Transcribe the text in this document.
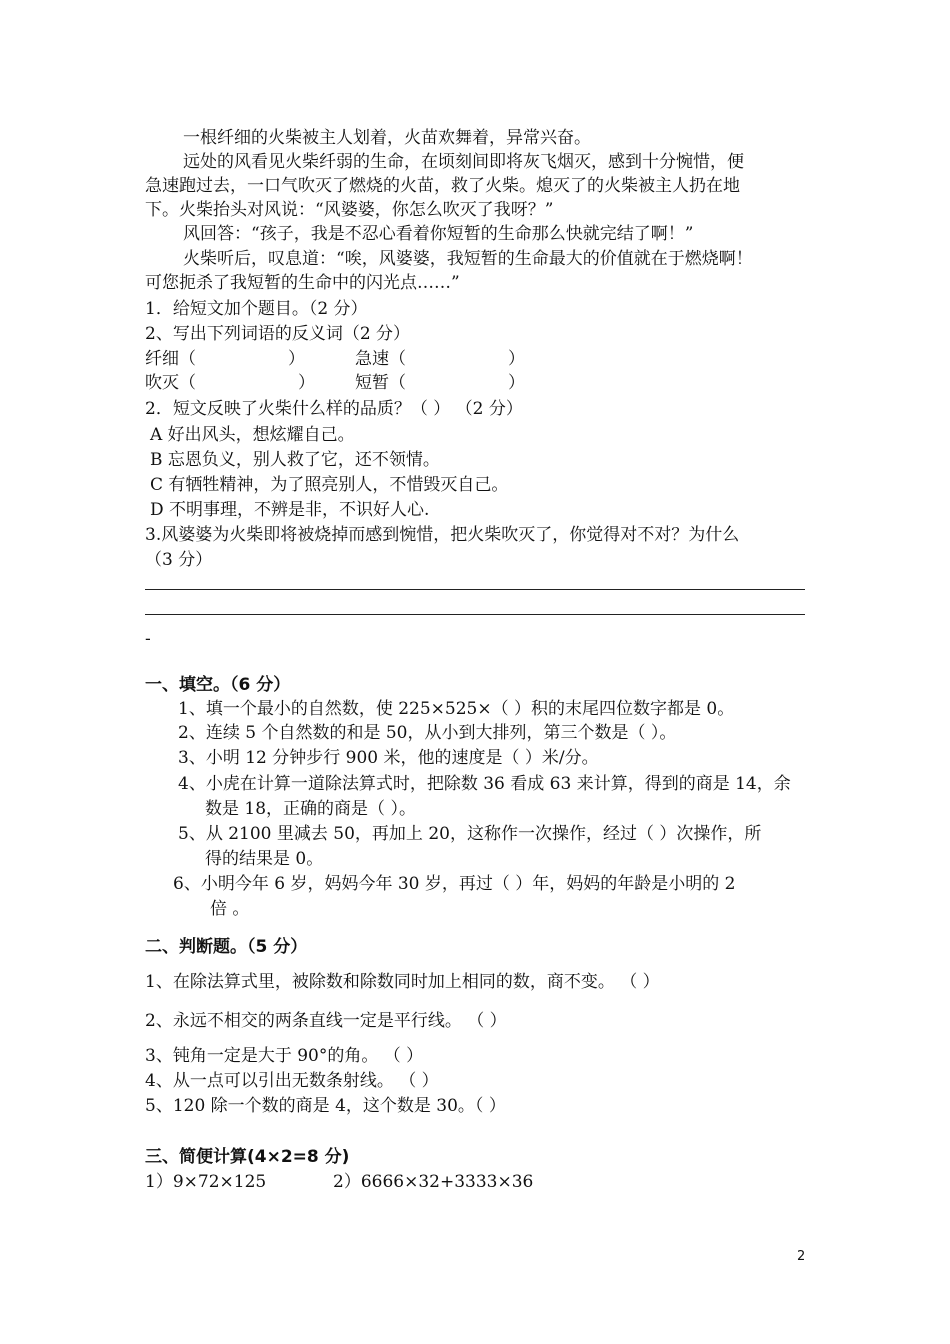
一根纤细的火柴被主人划着，火苗欢舞着，异常兴奋。
远处的风看见火柴纤弱的生命，在顷刻间即将灰飞烟灭，感到十分惋惜，便
急速跑过去，一口气吹灭了燃烧的火苗，救了火柴。熄灭了的火柴被主人扔在地
下。火柴抬头对风说：“风婆婆，你怎么吹灭了我呀？”
风回答：“孩子，我是不忍心看着你短暂的生命那么快就完结了啊！”
火柴听后，叹息道：“唉，风婆婆，我短暂的生命最大的价值就在于燃烧啊！
可您扼杀了我短暂的生命中的闪光点……”
1．给短文加个题目。（2 分）
2、写出下列词语的反义词（2 分）
纤细（	）	急速（	）
吹灭（	） 短暂（	）
2．短文反映了火柴什么样的品质？（ ） （2 分）
A 好出风头，想炫耀自己。
B 忘恩负义，别人救了它，还不领情。
C 有牺牲精神，为了照亮别人，不惜毁灭自己。
D 不明事理，不辨是非，不识好人心.
3.风婆婆为火柴即将被烧掉而感到惋惜，把火柴吹灭了，你觉得对不对？为什么
（3 分）
-
一、填空。（6 分）
1、填一个最小的自然数，使 225×525×（ ）积的末尾四位数字都是 0。
2、连续 5 个自然数的和是 50，从小到大排列，第三个数是（ ）。
3、小明 12 分钟步行 900 米，他的速度是（ ）米/分。
4、小虎在计算一道除法算式时，把除数 36 看成 63 来计算，得到的商是 14，余
数是 18，正确的商是（ ）。
5、从 2100 里减去 50，再加上 20，这称作一次操作，经过（ ）次操作，所
得的结果是 0。
6、小明今年 6 岁，妈妈今年 30 岁，再过（ ）年，妈妈的年龄是小明的 2
倍 。
二、判断题。（5 分）
1、在除法算式里，被除数和除数同时加上相同的数，商不变。 （ ）
2、永远不相交的两条直线一定是平行线。 （ ）
3、钝角一定是大于 90°的角。 （ ）
4、从一点可以引出无数条射线。 （ ）
5、120 除一个数的商是 4，这个数是 30。（ ）
三、简便计算(4×2=8 分)
1）9×72×125	2）6666×32+3333×36
2
